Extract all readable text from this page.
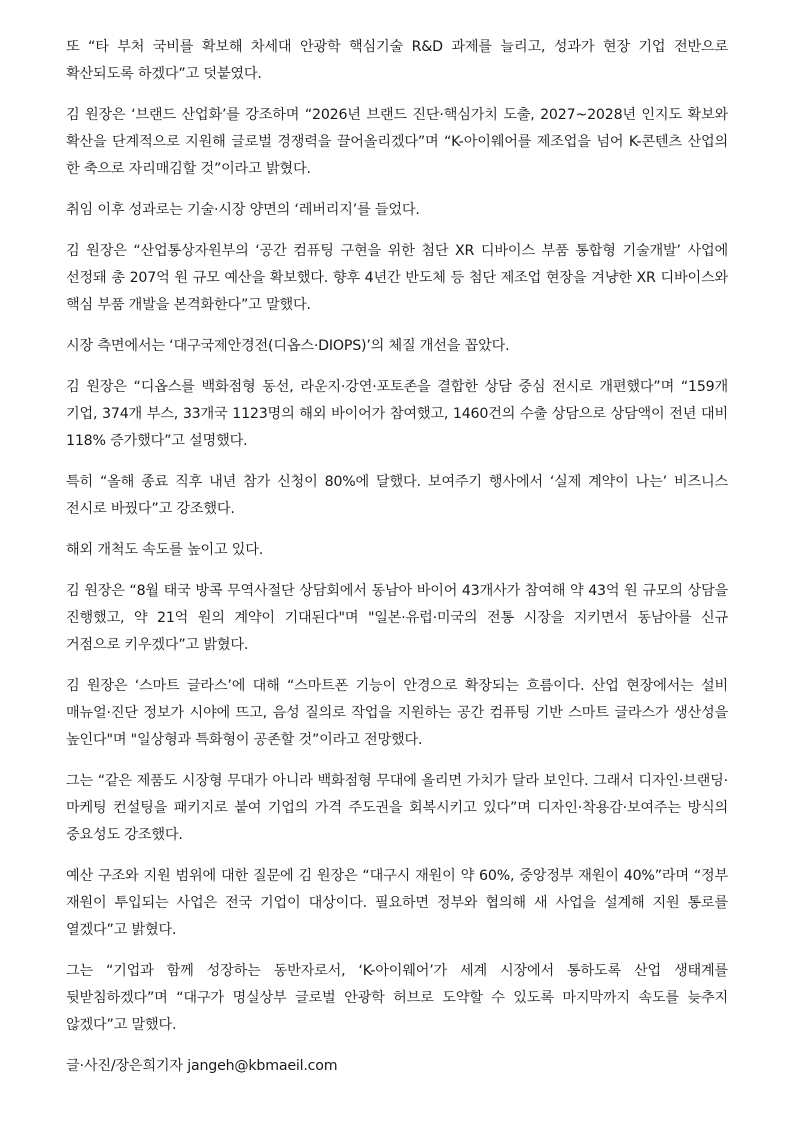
또 “타 부처 국비를 확보해 차세대 안광학 핵심기술 R&D 과제를 늘리고, 성과가 현장 기업 전반으로 확산되도록 하겠다”고 덧붙였다.

김 원장은 ‘브랜드 산업화’를 강조하며 “2026년 브랜드 진단·핵심가치 도출, 2027~2028년 인지도 확보와 확산을 단계적으로 지원해 글로벌 경쟁력을 끌어올리겠다”며 “K-아이웨어를 제조업을 넘어 K-콘텐츠 산업의 한 축으로 자리매김할 것”이라고 밝혔다.

취임 이후 성과로는 기술·시장 양면의 ‘레버리지’를 들었다.

김 원장은 “산업통상자원부의 ‘공간 컴퓨팅 구현을 위한 첨단 XR 디바이스 부품 통합형 기술개발’ 사업에 선정돼 총 207억 원 규모 예산을 확보했다. 향후 4년간 반도체 등 첨단 제조업 현장을 겨냥한 XR 디바이스와 핵심 부품 개발을 본격화한다”고 말했다.

시장 측면에서는 ‘대구국제안경전(디옵스·DIOPS)’의 체질 개선을 꼽았다.

김 원장은 “디옵스를 백화점형 동선, 라운지·강연·포토존을 결합한 상담 중심 전시로 개편했다”며 “159개 기업, 374개 부스, 33개국 1123명의 해외 바이어가 참여했고, 1460건의 수출 상담으로 상담액이 전년 대비 118% 증가했다”고 설명했다.

특히 “올해 종료 직후 내년 참가 신청이 80%에 달했다. 보여주기 행사에서 ‘실제 계약이 나는’ 비즈니스 전시로 바꿨다”고 강조했다.

해외 개척도 속도를 높이고 있다.

김 원장은 “8월 태국 방콕 무역사절단 상담회에서 동남아 바이어 43개사가 참여해 약 43억 원 규모의 상담을 진행했고, 약 21억 원의 계약이 기대된다"며 "일본·유럽·미국의 전통 시장을 지키면서 동남아를 신규 거점으로 키우겠다”고 밝혔다.

김 원장은 ‘스마트 글라스’에 대해 “스마트폰 기능이 안경으로 확장되는 흐름이다. 산업 현장에서는 설비 매뉴얼·진단 정보가 시야에 뜨고, 음성 질의로 작업을 지원하는 공간 컴퓨팅 기반 스마트 글라스가 생산성을 높인다"며 "일상형과 특화형이 공존할 것”이라고 전망했다.

그는 “같은 제품도 시장형 무대가 아니라 백화점형 무대에 올리면 가치가 달라 보인다. 그래서 디자인·브랜딩·마케팅 컨설팅을 패키지로 붙여 기업의 가격 주도권을 회복시키고 있다”며 디자인·착용감·보여주는 방식의 중요성도 강조했다.

예산 구조와 지원 범위에 대한 질문에 김 원장은 “대구시 재원이 약 60%, 중앙정부 재원이 40%”라며 “정부 재원이 투입되는 사업은 전국 기업이 대상이다. 필요하면 정부와 협의해 새 사업을 설계해 지원 통로를 열겠다”고 밝혔다.

그는 “기업과 함께 성장하는 동반자로서, ‘K-아이웨어’가 세계 시장에서 통하도록 산업 생태계를 뒷받침하겠다”며 “대구가 명실상부 글로벌 안광학 허브로 도약할 수 있도록 마지막까지 속도를 늦추지 않겠다”고 말했다.

글·사진/장은희기자 jangeh@kbmaeil.com
